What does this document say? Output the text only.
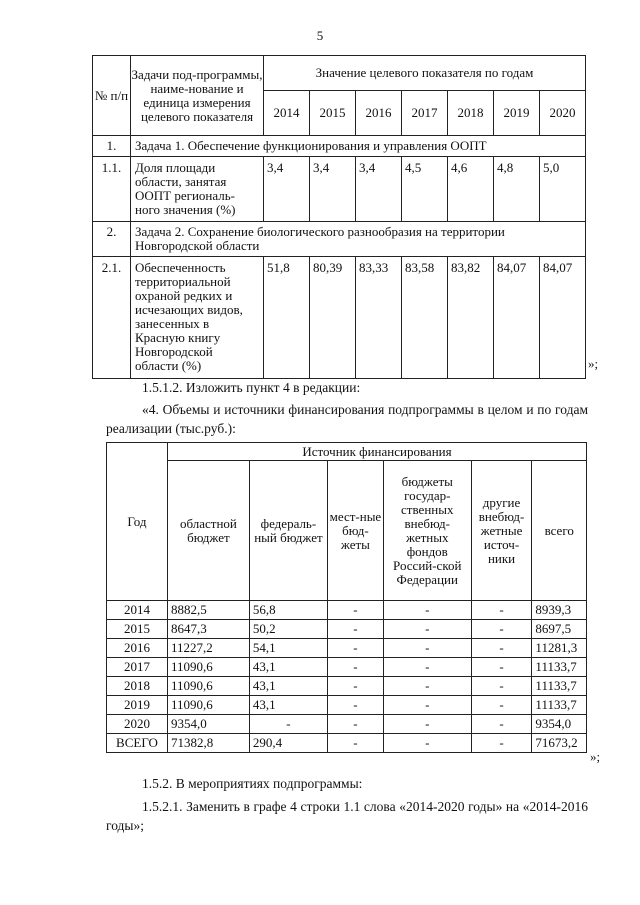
5
№ п/п	Задачи под-программы, наиме-нование и единица измерения целевого показателя	Значение целевого показателя по годам						
		2014	2015	2016	2017	2018	2019	2020
1.	Задача 1. Обеспечение функционирования и управления ООПТ							
1.1.	Доля площади области, занятая ООПТ региональ-ного значения (%)	3,4	3,4	3,4	4,5	4,6	4,8	5,0
2.	Задача 2. Сохранение биологического разнообразия на территории Новгородской области							
2.1.	Обеспеченность территориальной охраной редких и исчезающих видов, занесенных в Красную книгу Новгородской области (%)	51,8	80,39	83,33	83,58	83,82	84,07	84,07
»;
1.5.1.2. Изложить пункт 4 в редакции:
«4. Объемы и источники финансирования подпрограммы в целом и по годам реализации (тыс.руб.):
Год	Источник финансирования					
	областной бюджет	федераль-ный бюджет	мест-ные бюд-жеты	бюджеты государ-ственных внебюд-жетных фондов Россий-ской Федерации	другие внебюд-жетные источ-ники	всего
2014	8882,5	56,8	-	-	-	8939,3
2015	8647,3	50,2	-	-	-	8697,5
2016	11227,2	54,1	-	-	-	11281,3
2017	11090,6	43,1	-	-	-	11133,7
2018	11090,6	43,1	-	-	-	11133,7
2019	11090,6	43,1	-	-	-	11133,7
2020	9354,0	-	-	-	-	9354,0
ВСЕГО	71382,8	290,4	-	-	-	71673,2
»;
1.5.2. В мероприятиях подпрограммы:
1.5.2.1. Заменить в графе 4 строки 1.1 слова «2014-2020 годы» на «2014-2016 годы»;
